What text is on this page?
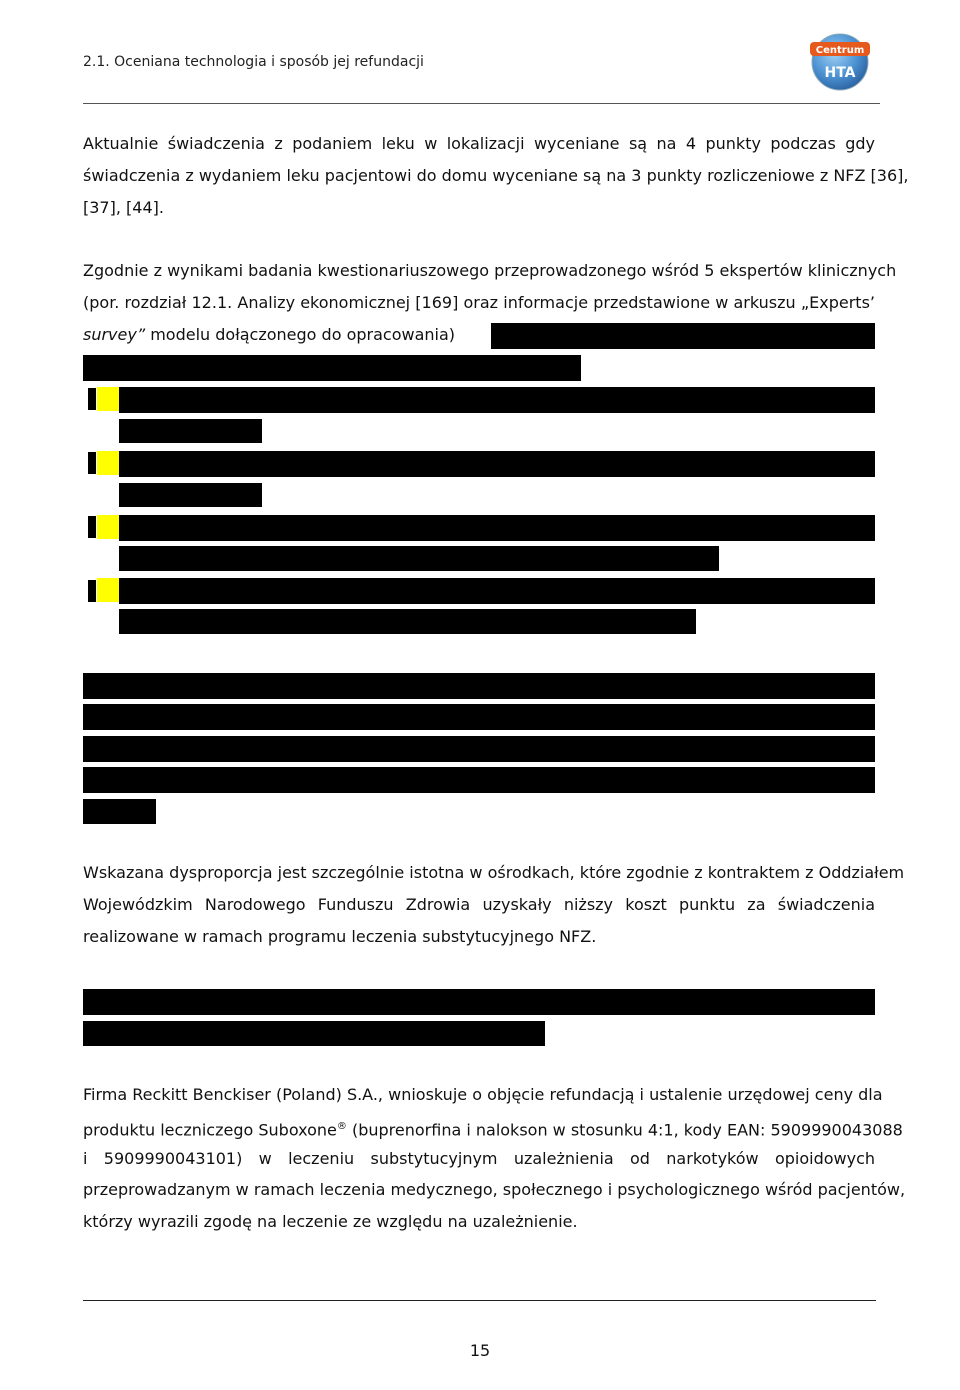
2.1. Oceniana technologia i sposób jej refundacji
Centrum
HTA
Aktualnie świadczenia z podaniem leku w lokalizacji wyceniane są na 4 punkty podczas gdy
świadczenia z wydaniem leku pacjentowi do domu wyceniane są na 3 punkty rozliczeniowe z NFZ [36],
[37], [44].
Zgodnie z wynikami badania kwestionariuszowego przeprowadzonego wśród 5 ekspertów klinicznych
(por. rozdział 12.1. Analizy ekonomicznej [169] oraz informacje przedstawione w arkuszu „Experts’
survey” modelu dołączonego do opracowania)
Wskazana dysproporcja jest szczególnie istotna w ośrodkach, które zgodnie z kontraktem z Oddziałem
Wojewódzkim Narodowego Funduszu Zdrowia uzyskały niższy koszt punktu za świadczenia
realizowane w ramach programu leczenia substytucyjnego NFZ.
Firma Reckitt Benckiser (Poland) S.A., wnioskuje o objęcie refundacją i ustalenie urzędowej ceny dla
produktu leczniczego Suboxone® (buprenorfina i nalokson w stosunku 4:1, kody EAN: 5909990043088
i 5909990043101) w leczeniu substytucyjnym uzależnienia od narkotyków opioidowych
przeprowadzanym w ramach leczenia medycznego, społecznego i psychologicznego wśród pacjentów,
którzy wyrazili zgodę na leczenie ze względu na uzależnienie.
15
